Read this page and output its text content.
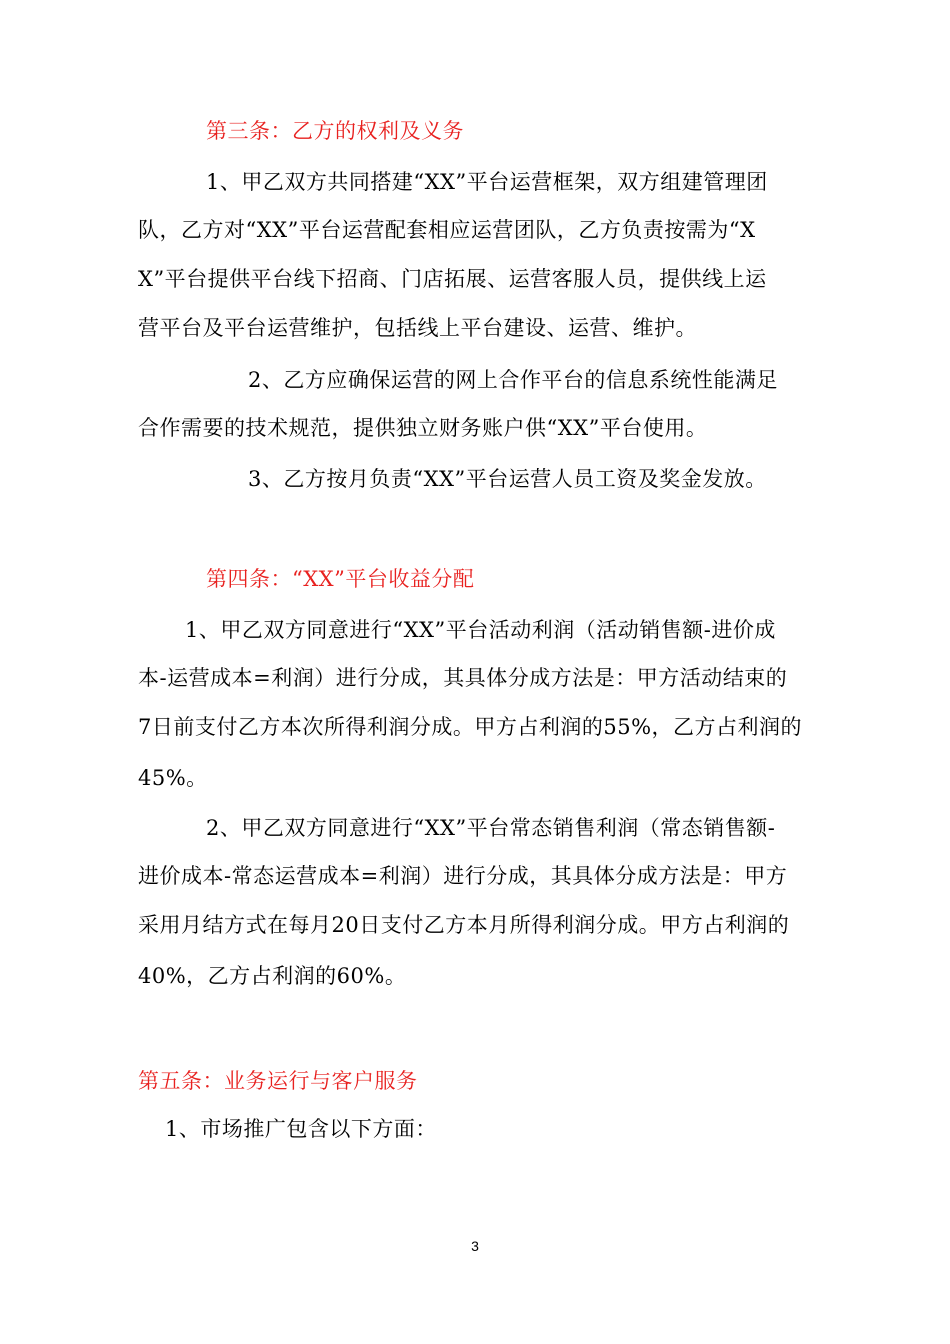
第三条：乙方的权利及义务
1、甲乙双方共同搭建“XX”平台运营框架，双方组建管理团
队，乙方对“XX”平台运营配套相应运营团队，乙方负责按需为“X
X”平台提供平台线下招商、门店拓展、运营客服人员，提供线上运
营平台及平台运营维护，包括线上平台建设、运营、维护。
2、乙方应确保运营的网上合作平台的信息系统性能满足
合作需要的技术规范，提供独立财务账户供“XX”平台使用。
3、乙方按月负责“XX”平台运营人员工资及奖金发放。
第四条：“XX”平台收益分配
1、甲乙双方同意进行“XX”平台活动利润（活动销售额-进价成
本-运营成本=利润）进行分成，其具体分成方法是：甲方活动结束的
7日前支付乙方本次所得利润分成。甲方占利润的55%，乙方占利润的
45%。
2、甲乙双方同意进行“XX”平台常态销售利润（常态销售额-
进价成本-常态运营成本=利润）进行分成，其具体分成方法是：甲方
采用月结方式在每月20日支付乙方本月所得利润分成。甲方占利润的
40%，乙方占利润的60%。
第五条：业务运行与客户服务
1、市场推广包含以下方面：
3
